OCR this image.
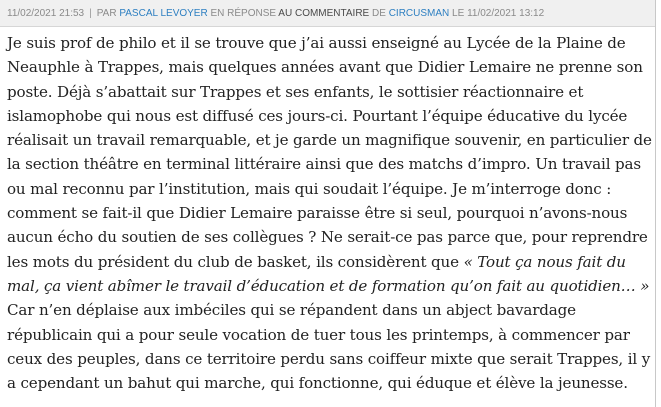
11/02/2021 21:53 | PAR PASCAL LEVOYER EN RÉPONSE AU COMMENTAIRE DE CIRCUSMAN LE 11/02/2021 13:12

Je suis prof de philo et il se trouve que j’ai aussi enseigné au Lycée de la Plaine de Neauphle à Trappes, mais quelques années avant que Didier Lemaire ne prenne son poste. Déjà s’abattait sur Trappes et ses enfants, le sottisier réactionnaire et islamophobe qui nous est diffusé ces jours-ci. Pourtant l’équipe éducative du lycée réalisait un travail remarquable, et je garde un magnifique souvenir, en particulier de la section théâtre en terminal littéraire ainsi que des matchs d’impro. Un travail pas ou mal reconnu par l’institution, mais qui soudait l’équipe. Je m’interroge donc : comment se fait-il que Didier Lemaire paraisse être si seul, pourquoi n’avons-nous aucun écho du soutien de ses collègues ? Ne serait-ce pas parce que, pour reprendre les mots du président du club de basket, ils considèrent que « Tout ça nous fait du mal, ça vient abîmer le travail d’éducation et de formation qu’on fait au quotidien… » Car n’en déplaise aux imbéciles qui se répandent dans un abject bavardage républicain qui a pour seule vocation de tuer tous les printemps, à commencer par ceux des peuples, dans ce territoire perdu sans coiffeur mixte que serait Trappes, il y a cependant un bahut qui marche, qui fonctionne, qui éduque et élève la jeunesse.
